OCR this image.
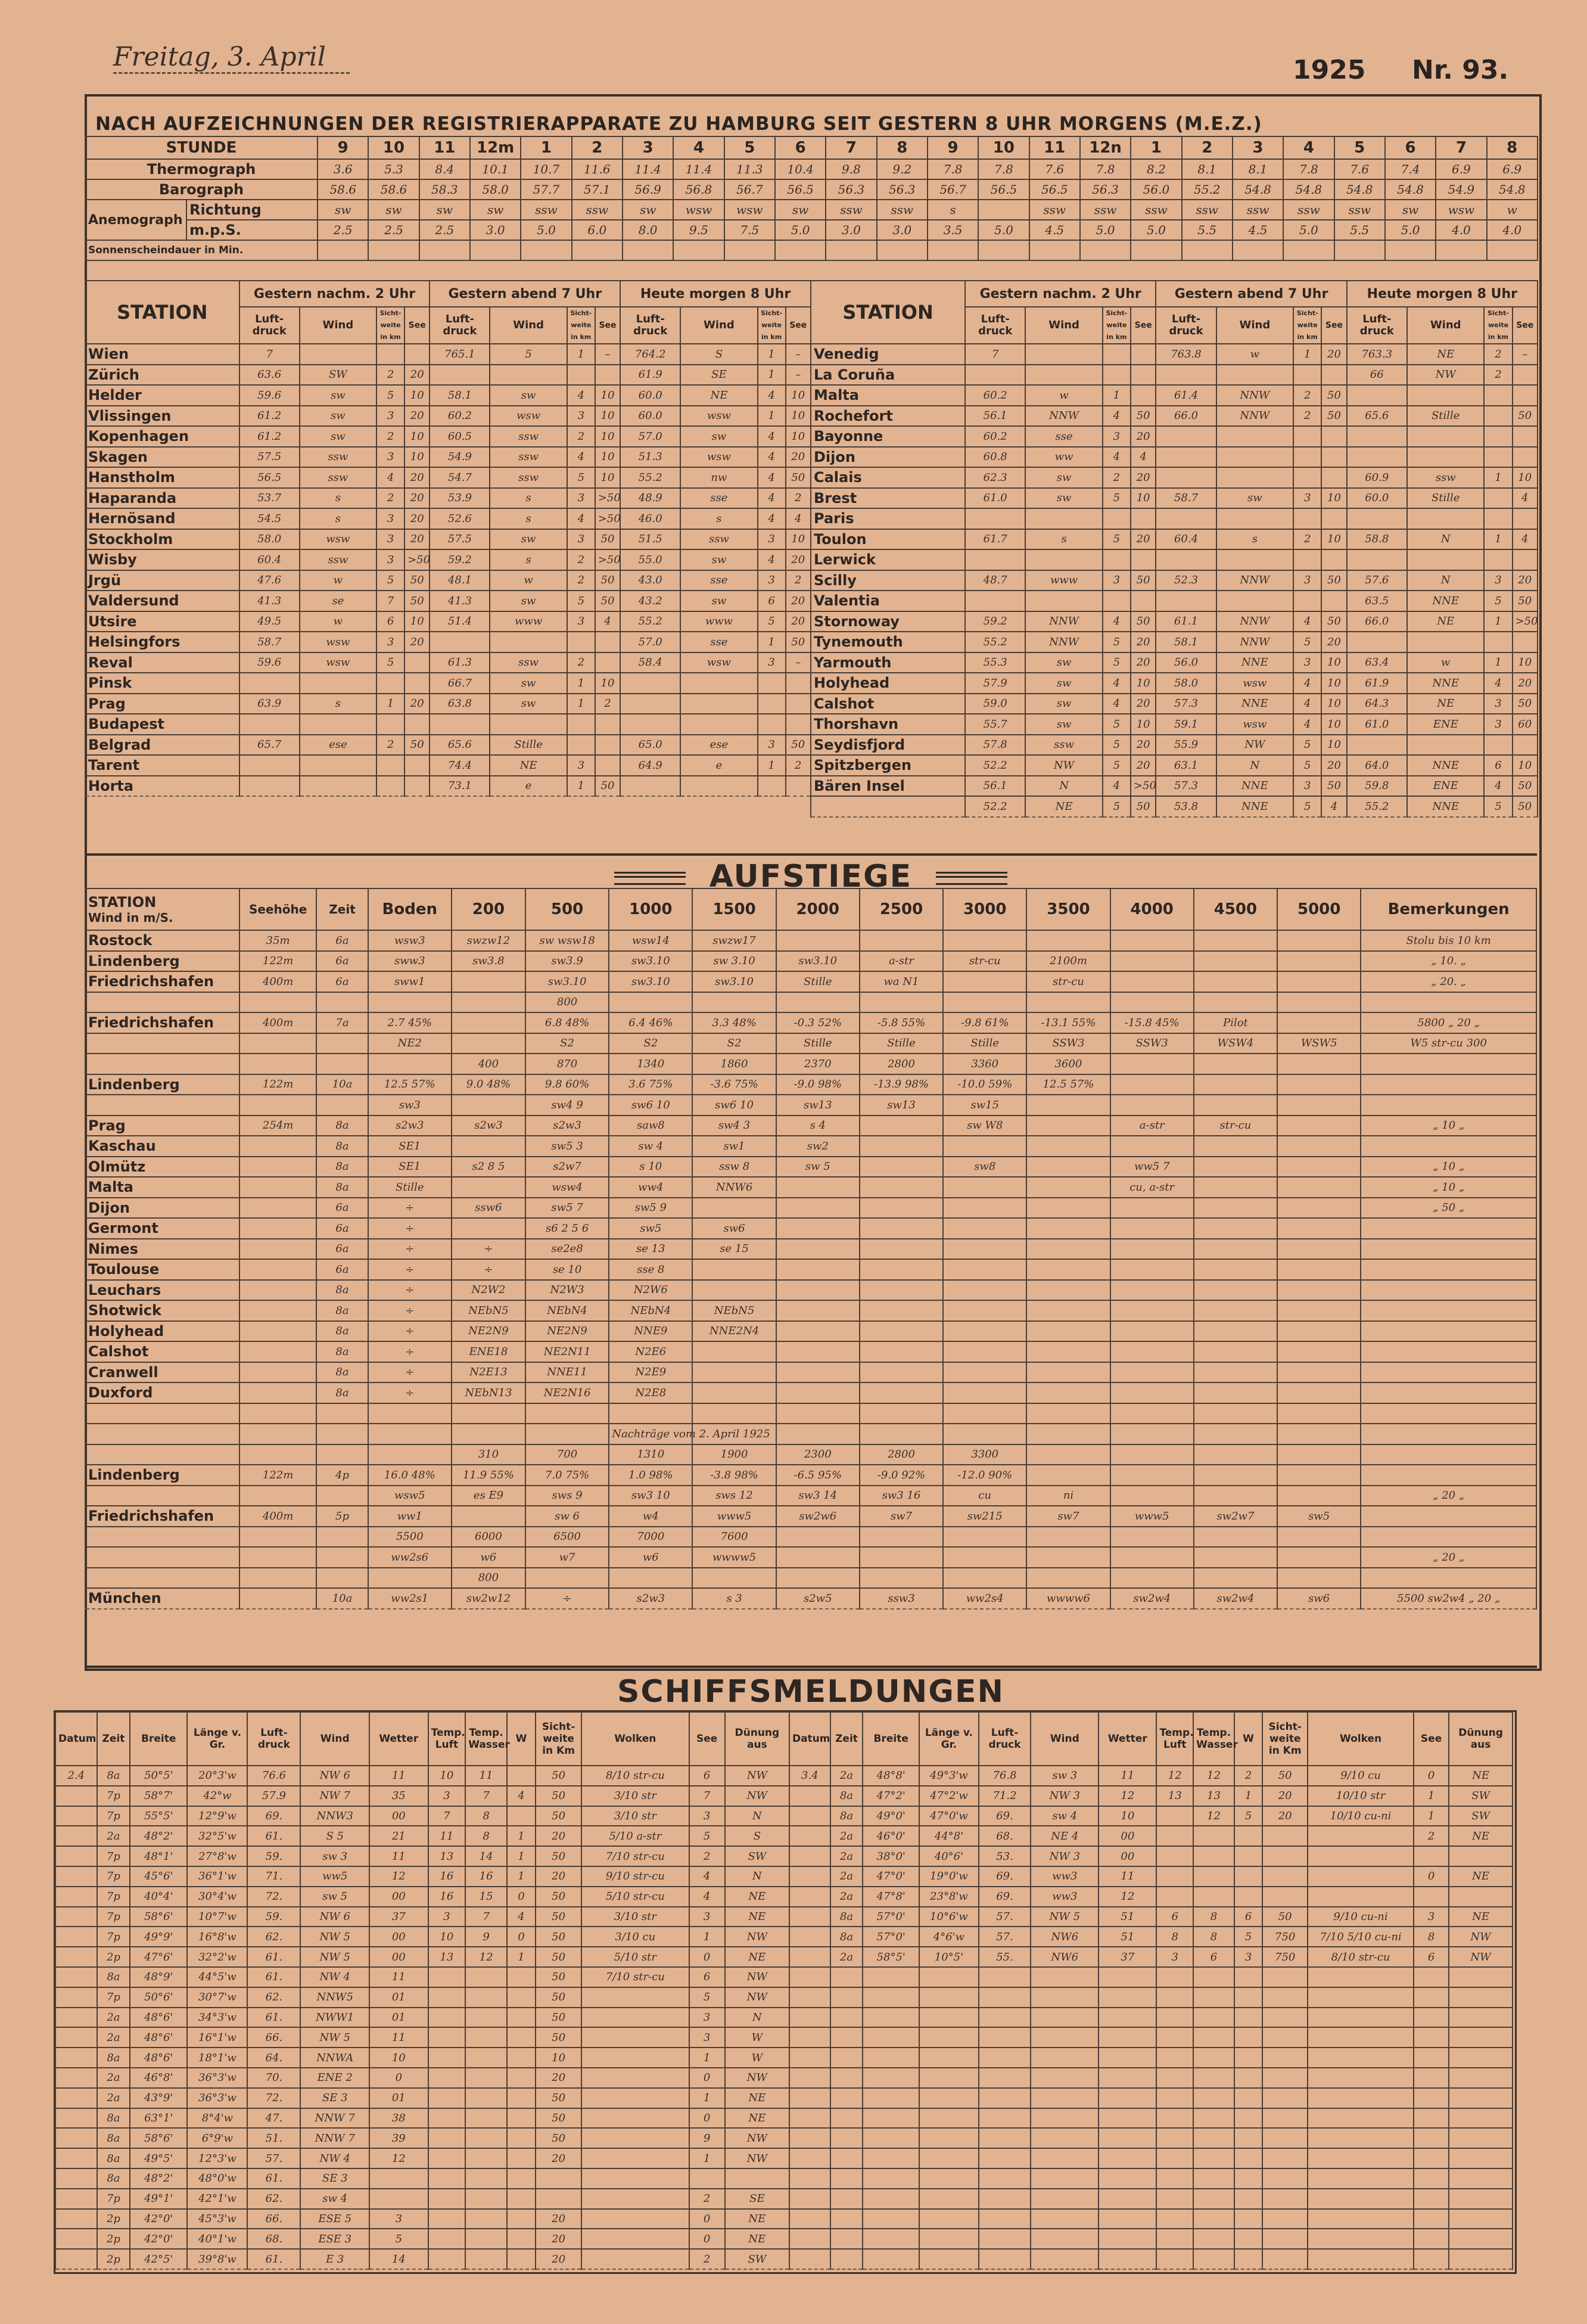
Freitag, 3. April	1925 Nr. 93.
NACH AUFZEICHNUNGEN DER REGISTRIERAPPARATE ZU HAMBURG SEIT GESTERN 8 UHR MORGENS (M.E.Z.)
STUNDE		9	10	11	12m	1	2	3	4	5	6	7	8	9	10	11	12n	1	2	3	4	5	6	7	8
Thermograph		3.6	5.3	8.4	10.1	10.7	11.6	11.4	11.4	11.3	10.4	9.8	9.2	7.8	7.8	7.6	7.8	8.2	8.1	8.1	7.8	7.6	7.4	6.9	6.9
Barograph		58.6	58.6	58.3	58.0	57.7	57.1	56.9	56.8	56.7	56.5	56.3	56.3	56.7	56.5	56.5	56.3	56.0	55.2	54.8	54.8	54.8	54.8	54.9	54.8
Anemograph	Richtung	sw	sw	sw	sw	ssw	ssw	sw	wsw	wsw	sw	ssw	ssw	s		ssw	ssw	ssw	ssw	ssw	ssw	ssw	sw	wsw	w
	m.p.S.	2.5	2.5	2.5	3.0	5.0	6.0	8.0	9.5	7.5	5.0	3.0	3.0	3.5	5.0	4.5	5.0	5.0	5.5	4.5	5.0	5.5	5.0	4.0	4.0
Sonnenscheindauer in Min.																									
STATION	Gestern nachm. 2 Uhr				Gestern abend 7 Uhr				Heute morgen 8 Uhr			
	Luft-druck	Wind	Sicht-weite in km	See	Luft-druck	Wind	Sicht-weite in km	See	Luft-druck	Wind	Sicht-weite in km	See
Wien	7				765.1	5	1	–	764.2	S	1	–
Zürich	63.6	SW	2	20					61.9	SE	1	–
Helder	59.6	sw	5	10	58.1	sw	4	10	60.0	NE	4	10
Vlissingen	61.2	sw	3	20	60.2	wsw	3	10	60.0	wsw	1	10
Kopenhagen	61.2	sw	2	10	60.5	ssw	2	10	57.0	sw	4	10
Skagen	57.5	ssw	3	10	54.9	ssw	4	10	51.3	wsw	4	20
Hanstholm	56.5	ssw	4	20	54.7	ssw	5	10	55.2	nw	4	50
Haparanda	53.7	s	2	20	53.9	s	3	>50	48.9	sse	4	2
Hernösand	54.5	s	3	20	52.6	s	4	>50	46.0	s	4	4
Stockholm	58.0	wsw	3	20	57.5	sw	3	50	51.5	ssw	3	10
Wisby	60.4	ssw	3	>50	59.2	s	2	>50	55.0	sw	4	20
Jrgü	47.6	w	5	50	48.1	w	2	50	43.0	sse	3	2
Valdersund	41.3	se	7	50	41.3	sw	5	50	43.2	sw	6	20
Utsire	49.5	w	6	10	51.4	www	3	4	55.2	www	5	20
Helsingfors	58.7	wsw	3	20					57.0	sse	1	50
Reval	59.6	wsw	5		61.3	ssw	2		58.4	wsw	3	–
Pinsk					66.7	sw	1	10				
Prag	63.9	s	1	20	63.8	sw	1	2				
Budapest												
Belgrad	65.7	ese	2	50	65.6	Stille			65.0	ese	3	50
Tarent					74.4	NE	3		64.9	e	1	2
Horta					73.1	e	1	50				
STATION	Gestern nachm. 2 Uhr				Gestern abend 7 Uhr				Heute morgen 8 Uhr			
	Luft-druck	Wind	Sicht-weite in km	See	Luft-druck	Wind	Sicht-weite in km	See	Luft-druck	Wind	Sicht-weite in km	See
Venedig	7				763.8	w	1	20	763.3	NE	2	–
La Coruña									66	NW	2	
Malta	60.2	w	1		61.4	NNW	2	50				
Rochefort	56.1	NNW	4	50	66.0	NNW	2	50	65.6	Stille		50
Bayonne	60.2	sse	3	20								
Dijon	60.8	ww	4	4								
Calais	62.3	sw	2	20					60.9	ssw	1	10
Brest	61.0	sw	5	10	58.7	sw	3	10	60.0	Stille		4
Paris												
Toulon	61.7	s	5	20	60.4	s	2	10	58.8	N	1	4
Lerwick												
Scilly	48.7	www	3	50	52.3	NNW	3	50	57.6	N	3	20
Valentia									63.5	NNE	5	50
Stornoway	59.2	NNW	4	50	61.1	NNW	4	50	66.0	NE	1	>50
Tynemouth	55.2	NNW	5	20	58.1	NNW	5	20				
Yarmouth	55.3	sw	5	20	56.0	NNE	3	10	63.4	w	1	10
Holyhead	57.9	sw	4	10	58.0	wsw	4	10	61.9	NNE	4	20
Calshot	59.0	sw	4	20	57.3	NNE	4	10	64.3	NE	3	50
Thorshavn	55.7	sw	5	10	59.1	wsw	4	10	61.0	ENE	3	60
Seydisfjord	57.8	ssw	5	20	55.9	NW	5	10				
Spitzbergen	52.2	NW	5	20	63.1	N	5	20	64.0	NNE	6	10
Bären Insel	56.1	N	4	>50	57.3	NNE	3	50	59.8	ENE	4	50
	52.2	NE	5	50	53.8	NNE	5	4	55.2	NNE	5	50
AUFSTIEGE
STATION
Wind in m/S.	Seehöhe	Zeit	Boden	200	500	1000	1500	2000	2500	3000	3500	4000	4500	5000	Bemerkungen
Rostock	35m	6a	wsw3	swzw12	sw wsw18	wsw14	swzw17								Stolu bis 10 km
Lindenberg	122m	6a	sww3	sw3.8	sw3.9	sw3.10	sw 3.10	sw3.10	a-str	str-cu	2100m				„ 10. „
Friedrichshafen	400m	6a	sww1		sw3.10	sw3.10	sw3.10	Stille	wa N1		str-cu				„ 20. „
					800										
Friedrichshafen	400m	7a	2.7 45%		6.8 48%	6.4 46%	3.3 48%	-0.3 52%	-5.8 55%	-9.8 61%	-13.1 55%	-15.8 45%	Pilot		5800 „ 20 „
			NE2		S2	S2	S2	Stille	Stille	Stille	SSW3	SSW3	WSW4	WSW5	W5 str-cu 300
				400	870	1340	1860	2370	2800	3360	3600				
Lindenberg	122m	10a	12.5 57%	9.0 48%	9.8 60%	3.6 75%	-3.6 75%	-9.0 98%	-13.9 98%	-10.0 59%	12.5 57%				
			sw3		sw4 9	sw6 10	sw6 10	sw13	sw13	sw15					
Prag	254m	8a	s2w3	s2w3	s2w3	saw8	sw4 3	s 4		sw W8		a-str	str-cu		„ 10 „
Kaschau		8a	SE1		sw5 3	sw 4	sw1	sw2							
Olmütz		8a	SE1	s2 8 5	s2w7	s 10	ssw 8	sw 5		sw8		ww5 7			„ 10 „
Malta		8a	Stille		wsw4	ww4	NNW6					cu, a-str			„ 10 „
Dijon		6a	÷	ssw6	sw5 7	sw5 9									„ 50 „
Germont		6a	÷		s6 2 5 6	sw5	sw6								
Nimes		6a	÷	÷	se2e8	se 13	se 15								
Toulouse		6a	÷	÷	se 10	sse 8									
Leuchars		8a	÷	N2W2	N2W3	N2W6									
Shotwick		8a	÷	NEbN5	NEbN4	NEbN4	NEbN5								
Holyhead		8a	÷	NE2N9	NE2N9	NNE9	NNE2N4								
Calshot		8a	÷	ENE18	NE2N11	N2E6									
Cranwell		8a	÷	N2E13	NNE11	N2E9									
Duxford		8a	÷	NEbN13	NE2N16	N2E8									

						Nachträge vom 2. April 1925									
				310	700	1310	1900	2300	2800	3300					
Lindenberg	122m	4p	16.0 48%	11.9 55%	7.0 75%	1.0 98%	-3.8 98%	-6.5 95%	-9.0 92%	-12.0 90%					
			wsw5	es E9	sws 9	sw3 10	sws 12	sw3 14	sw3 16	cu	ni				„ 20 „
Friedrichshafen	400m	5p	ww1		sw 6	w4	www5	sw2w6	sw7	sw215	sw7	www5	sw2w7	sw5	
			5500	6000	6500	7000	7600								
			ww2s6	w6	w7	w6	wwww5								„ 20 „
				800											
München		10a	ww2s1	sw2w12	÷	s2w3	s 3	s2w5	ssw3	ww2s4	wwww6	sw2w4	sw2w4	sw6	5500 sw2w4 „ 20 „
SCHIFFSMELDUNGEN
Datum	Zeit	Breite	Länge v. Gr.	Luft-druck	Wind	Wetter	Temp. Luft	Temp. Wasser	W	Sicht-weite in Km	Wolken	See	Dünung aus
2.4	8a	50°5'	20°3'w	76.6	NW 6	11	10	11		50	8/10 str-cu	6	NW
	7p	58°7'	42°w	57.9	NW 7	35	3	7	4	50	3/10 str	7	NW
	7p	55°5'	12°9'w	69.	NNW3	00	7	8		50	3/10 str	3	N
	2a	48°2'	32°5'w	61.	S 5	21	11	8	1	20	5/10 a-str	5	S
	7p	48°1'	27°8'w	59.	sw 3	11	13	14	1	50	7/10 str-cu	2	SW
	7p	45°6'	36°1'w	71.	ww5	12	16	16	1	20	9/10 str-cu	4	N
	7p	40°4'	30°4'w	72.	sw 5	00	16	15	0	50	5/10 str-cu	4	NE
	7p	58°6'	10°7'w	59.	NW 6	37	3	7	4	50	3/10 str	3	NE
	7p	49°9'	16°8'w	62.	NW 5	00	10	9	0	50	3/10 cu	1	NW
	2p	47°6'	32°2'w	61.	NW 5	00	13	12	1	50	5/10 str	0	NE
	8a	48°9'	44°5'w	61.	NW 4	11				50	7/10 str-cu	6	NW
	7p	50°6'	30°7'w	62.	NNW5	01				50		5	NW
	2a	48°6'	34°3'w	61.	NWW1	01				50		3	N
	2a	48°6'	16°1'w	66.	NW 5	11				50		3	W
	8a	48°6'	18°1'w	64.	NNWA	10				10		1	W
	2a	46°8'	36°3'w	70.	ENE 2	0				20		0	NW
	2a	43°9'	36°3'w	72.	SE 3	01				50		1	NE
	8a	63°1'	8°4'w	47.	NNW 7	38				50		0	NE
	8a	58°6'	6°9'w	51.	NNW 7	39				50		9	NW
	8a	49°5'	12°3'w	57.	NW 4	12				20		1	NW
	8a	48°2'	48°0'w	61.	SE 3								
	7p	49°1'	42°1'w	62.	sw 4							2	SE
	2p	42°0'	45°3'w	66.	ESE 5	3				20		0	NE
	2p	42°0'	40°1'w	68.	ESE 3	5				20		0	NE
	2p	42°5'	39°8'w	61.	E 3	14				20		2	SW
Datum	Zeit	Breite	Länge v. Gr.	Luft-druck	Wind	Wetter	Temp. Luft	Temp. Wasser	W	Sicht-weite in Km	Wolken	See	Dünung aus
3.4	2a	48°8'	49°3'w	76.8	sw 3	11	12	12	2	50	9/10 cu	0	NE
	8a	47°2'	47°2'w	71.2	NW 3	12	13	13	1	20	10/10 str	1	SW
	8a	49°0'	47°0'w	69.	sw 4	10		12	5	20	10/10 cu-ni	1	SW
	2a	46°0'	44°8'	68.	NE 4	00						2	NE
	2a	38°0'	40°6'	53.	NW 3	00							
	2a	47°0'	19°0'w	69.	ww3	11						0	NE
	2a	47°8'	23°8'w	69.	ww3	12							
	8a	57°0'	10°6'w	57.	NW 5	51	6	8	6	50	9/10 cu-ni	3	NE
	8a	57°0'	4°6'w	57.	NW6	51	8	8	5	750	7/10 5/10 cu-ni	8	NW
	2a	58°5'	10°5'	55.	NW6	37	3	6	3	750	8/10 str-cu	6	NW
